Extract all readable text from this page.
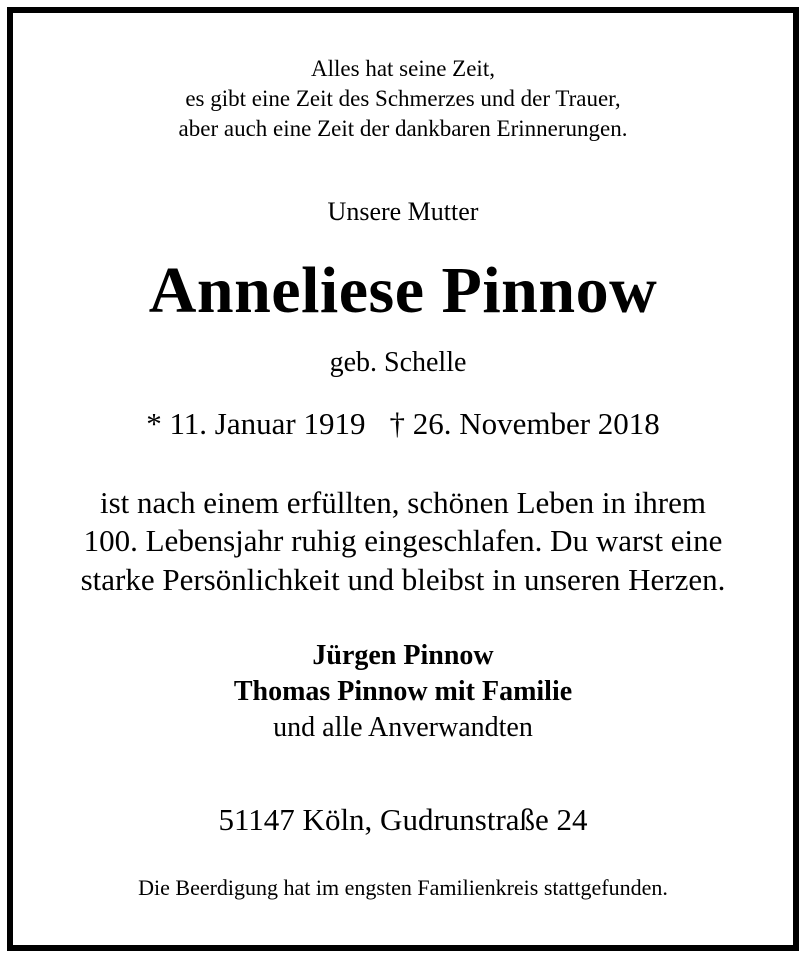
Alles hat seine Zeit,
es gibt eine Zeit des Schmerzes und der Trauer,
aber auch eine Zeit der dankbaren Erinnerungen.
Unsere Mutter
Anneliese Pinnow
geb. Schelle
* 11. Januar 1919 † 26. November 2018
ist nach einem erfüllten, schönen Leben in ihrem
100. Lebensjahr ruhig eingeschlafen. Du warst eine
starke Persönlichkeit und bleibst in unseren Herzen.
Jürgen Pinnow
Thomas Pinnow mit Familie
und alle Anverwandten
51147 Köln, Gudrunstraße 24
Die Beerdigung hat im engsten Familienkreis stattgefunden.
